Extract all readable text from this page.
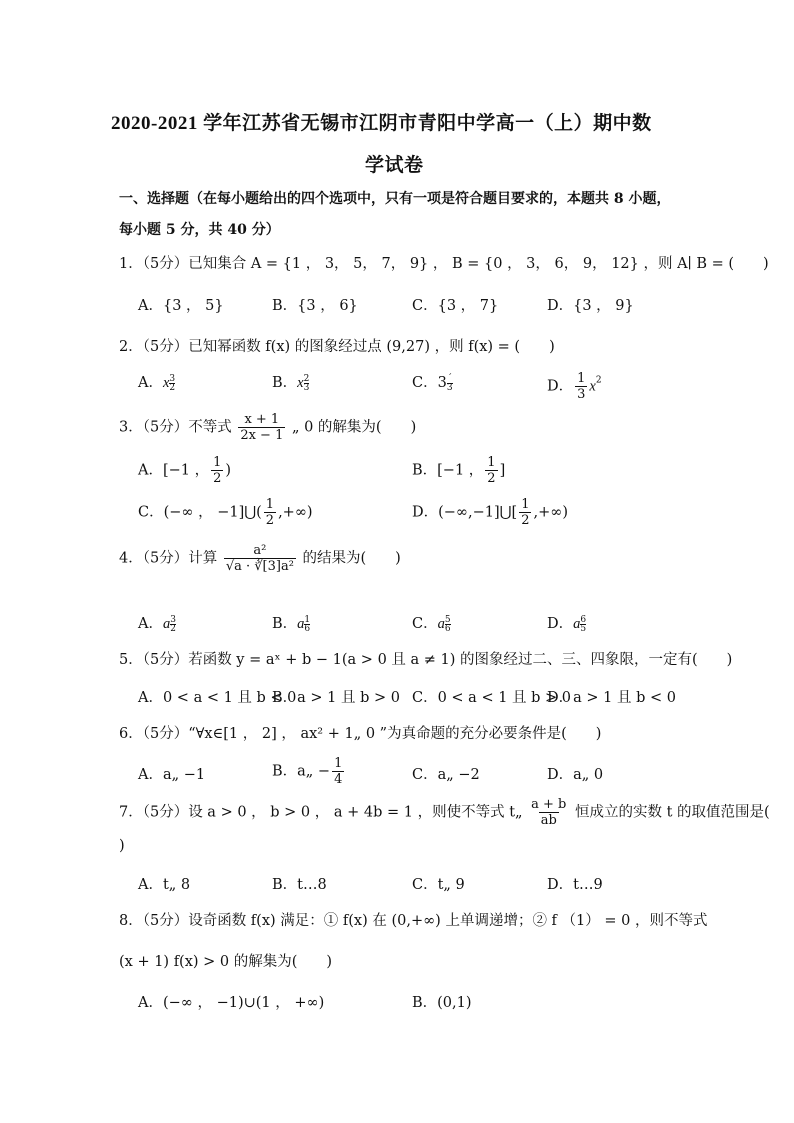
2020-2021 学年江苏省无锡市江阴市青阳中学高一（上）期中数
学试卷
一、选择题（在每小题给出的四个选项中，只有一项是符合题目要求的，本题共 8 小题，
每小题 5 分，共 40 分）
1．（5分）已知集合 A = {1 ， 3， 5， 7， 9} ， B = {0 ， 3， 6， 9， 12} ，则 A∣ B = (　　)
A．{3 ， 5}	B．{3 ， 6}	C．{3 ， 7}	D．{3 ， 9}
2．（5分）已知幂函数 f(x) 的图象经过点 (9,27) ，则 f(x) = (　　)
A．x $^{\frac{3}{2}}$	B．x $^{\frac{2}{3}}$	C．3 $^{ˊ 3}$	D． $\frac{1}{3} x^2$
3．（5分）不等式 $\frac{x + 1}{2x - 1}$ „ 0 的解集为(　　)
A．[−1 ， $\frac{1}{2}$ )	B．[−1 ， $\frac{1}{2}$ ]
C．(−∞ ， −1]⋃( $\frac{1}{2}$ ,+∞)	D．(−∞,−1]⋃[ $\frac{1}{2}$ ,+∞)
4．（5分）计算 $\frac{\text{a²}}{\text{√a · ∛[3]a²}}$ 的结果为(　　)
A．a $^{\frac{3}{2}}$	B．a $^{\frac{1}{6}}$	C．a $^{\frac{5}{6}}$	D．a $^{\frac{6}{5}}$
5．（5分）若函数 y = aˣ + b − 1(a > 0 且 a ≠ 1) 的图象经过二、三、四象限，一定有(　　)
A．0 < a < 1 且 b < 0
B．a > 1 且 b > 0 C．0 < a < 1 且 b > 0
D．a > 1 且 b < 0
6．（5分）“∀x∈[1 ， 2] ， ax² + 1„ 0 ”为真命题的充分必要条件是(　　)
A．a„ −1	B．a„ − $\frac{1}{4}$	C．a„ −2	D．a„ 0
7．（5分）设 a > 0 ， b > 0 ， a + 4b = 1 ，则使不等式 t„ $\frac{a + b}{ab}$ 恒成立的实数 t 的取值范围是(
)
A．t„ 8	B．t…8	C．t„ 9	D．t…9
8．（5分）设奇函数 f(x) 满足：① f(x) 在 (0,+∞) 上单调递增；② f （1） = 0 ，则不等式
(x + 1) f(x) > 0 的解集为(　　)
A．(−∞ ， −1)∪(1 ， +∞)	B．(0,1)
